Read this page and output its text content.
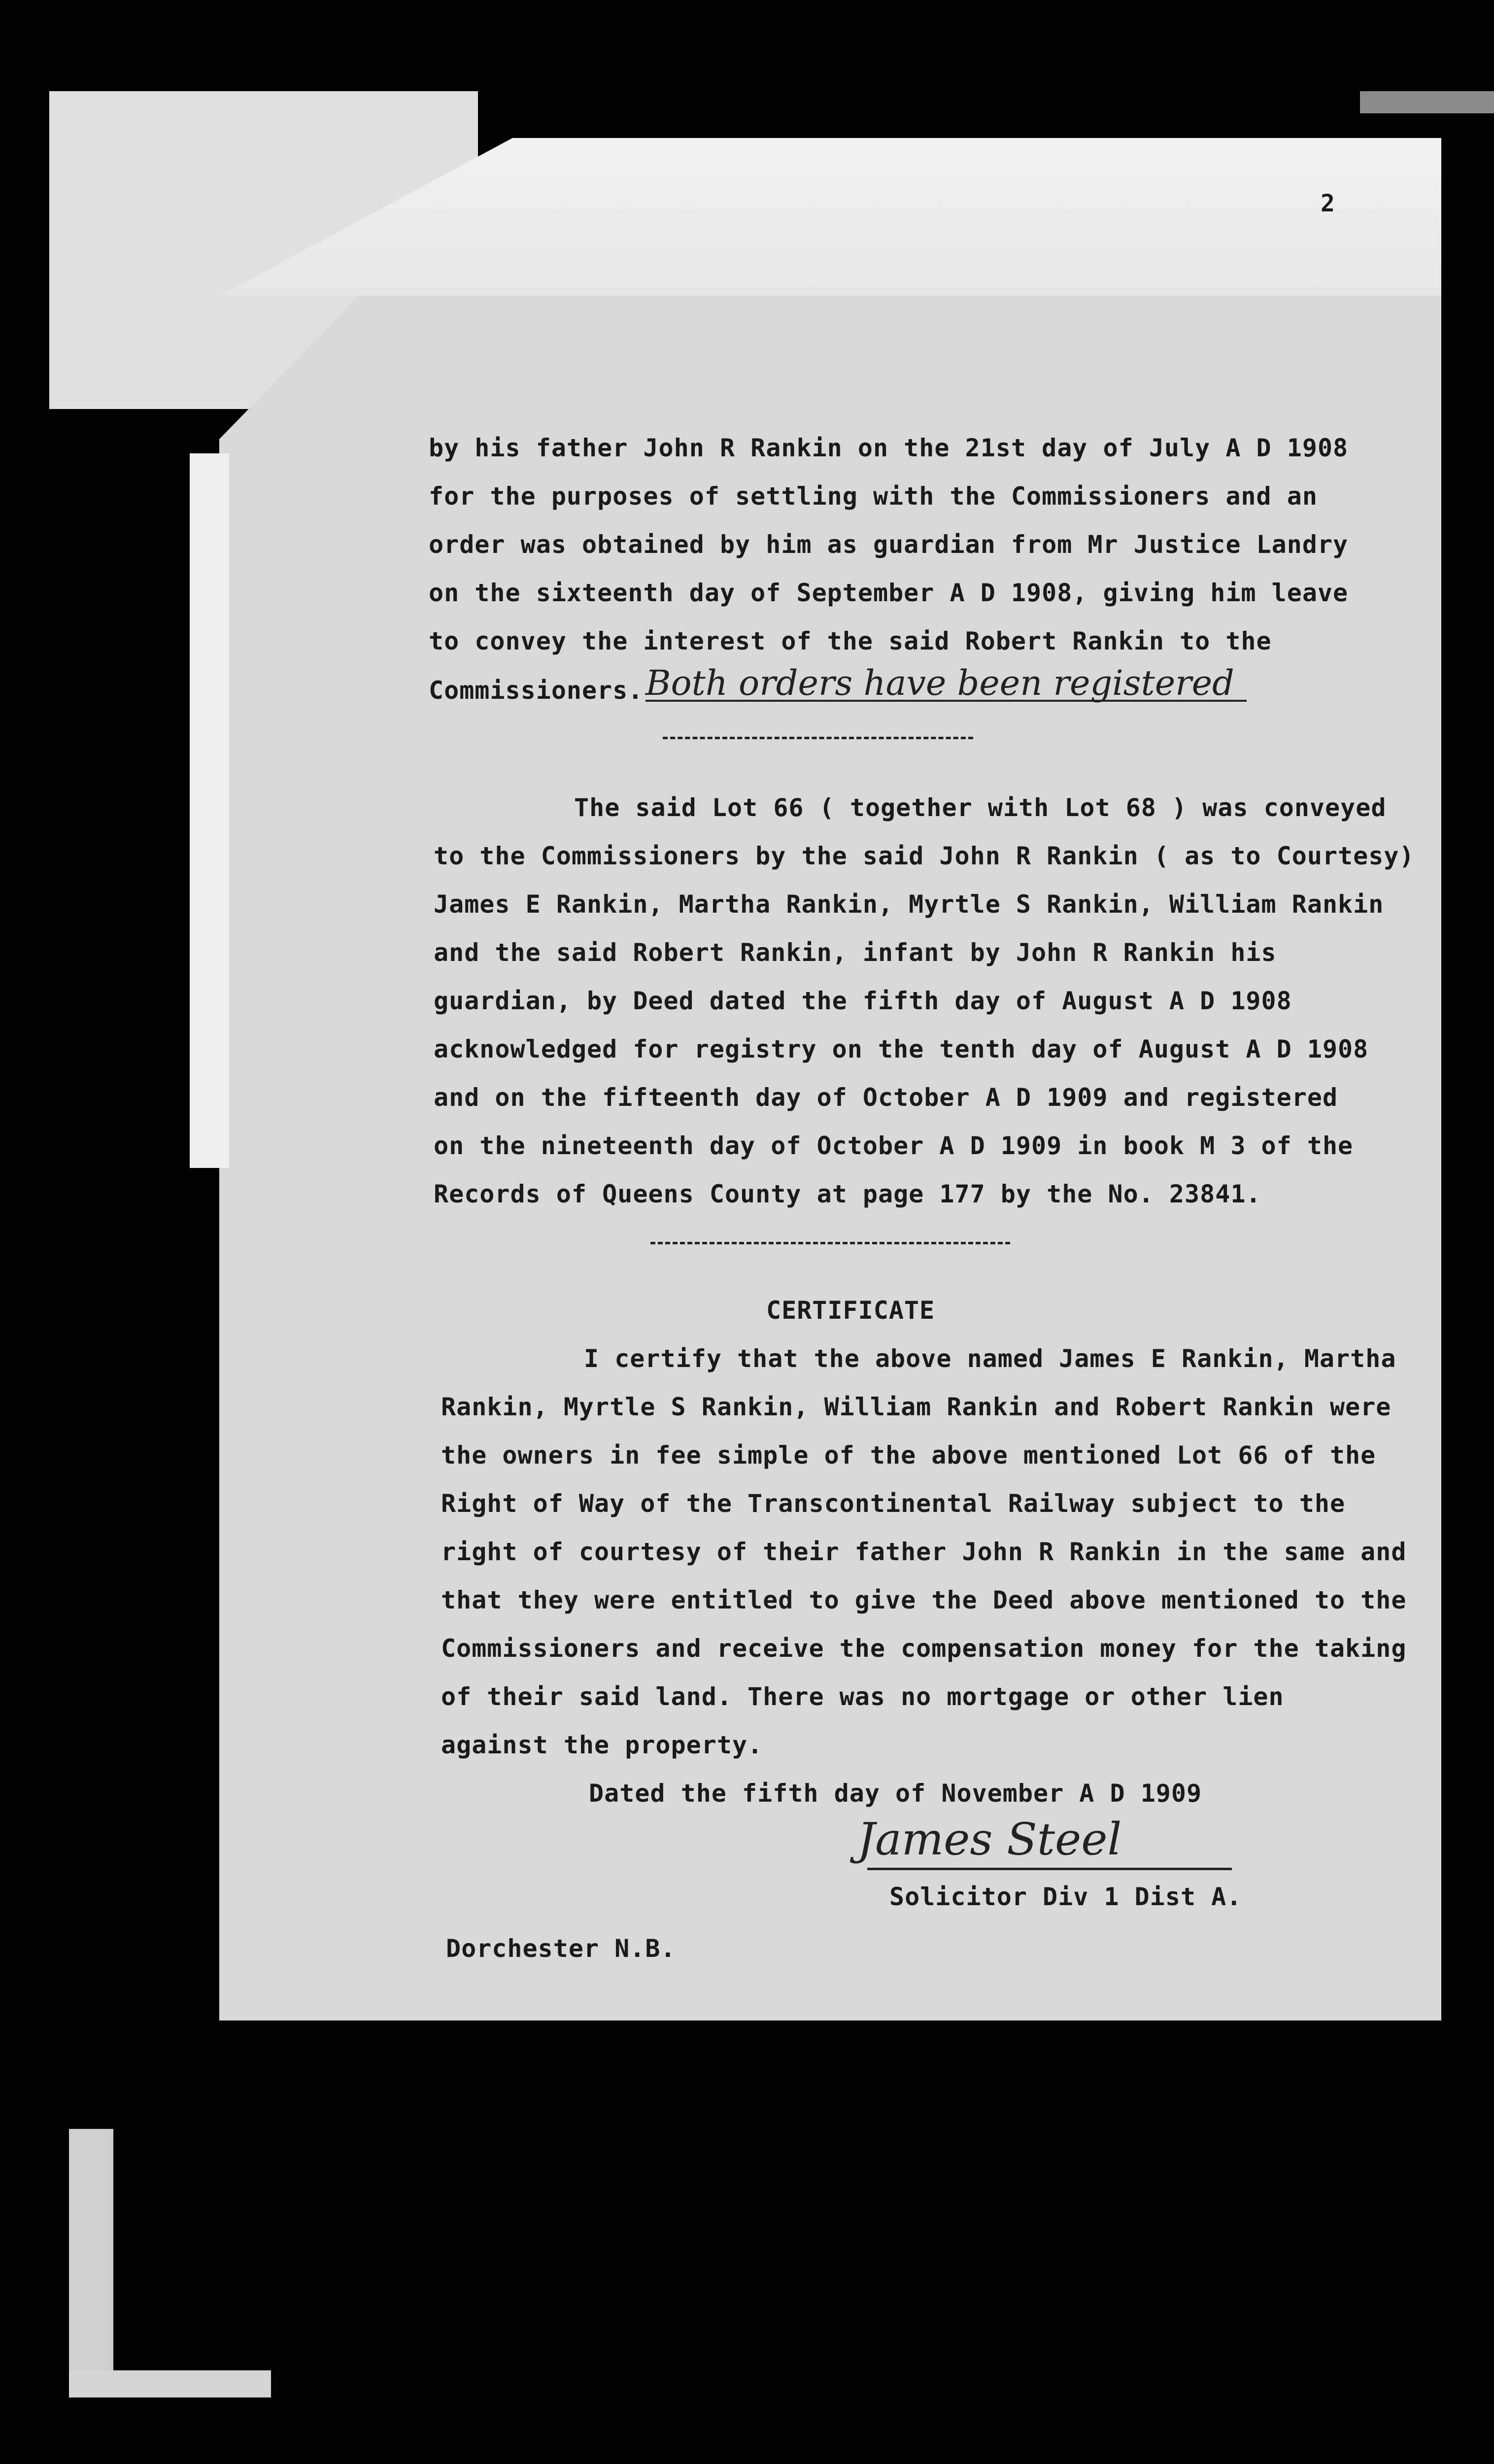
2
by his father John R Rankin on the 21st day of July A D 1908
for the purposes of settling with the Commissioners and an
order was obtained by him as guardian from Mr Justice Landry
on the sixteenth day of September A D 1908, giving him leave
to convey the interest of the said Robert Rankin to the
Commissioners. Both orders have been registered
The said Lot 66 ( together with Lot 68 ) was conveyed
to the Commissioners by the said John R Rankin ( as to Courtesy)
James E Rankin, Martha Rankin, Myrtle S Rankin, William Rankin
and the said Robert Rankin, infant by John R Rankin his
guardian, by Deed dated the fifth day of August A D 1908
acknowledged for registry on the tenth day of August A D 1908
and on the fifteenth day of October A D 1909 and registered
on the nineteenth day of October A D 1909 in book M 3 of the
Records of Queens County at page 177 by the No. 23841.
CERTIFICATE
I certify that the above named James E Rankin, Martha
Rankin, Myrtle S Rankin, William Rankin and Robert Rankin were
the owners in fee simple of the above mentioned Lot 66 of the
Right of Way of the Transcontinental Railway subject to the
right of courtesy of their father John R Rankin in the same and
that they were entitled to give the Deed above mentioned to the
Commissioners and receive the compensation money for the taking
of their said land. There was no mortgage or other lien
against the property.
Dated the fifth day of November A D 1909
James Steel
Solicitor Div 1 Dist A.
Dorchester N.B.
